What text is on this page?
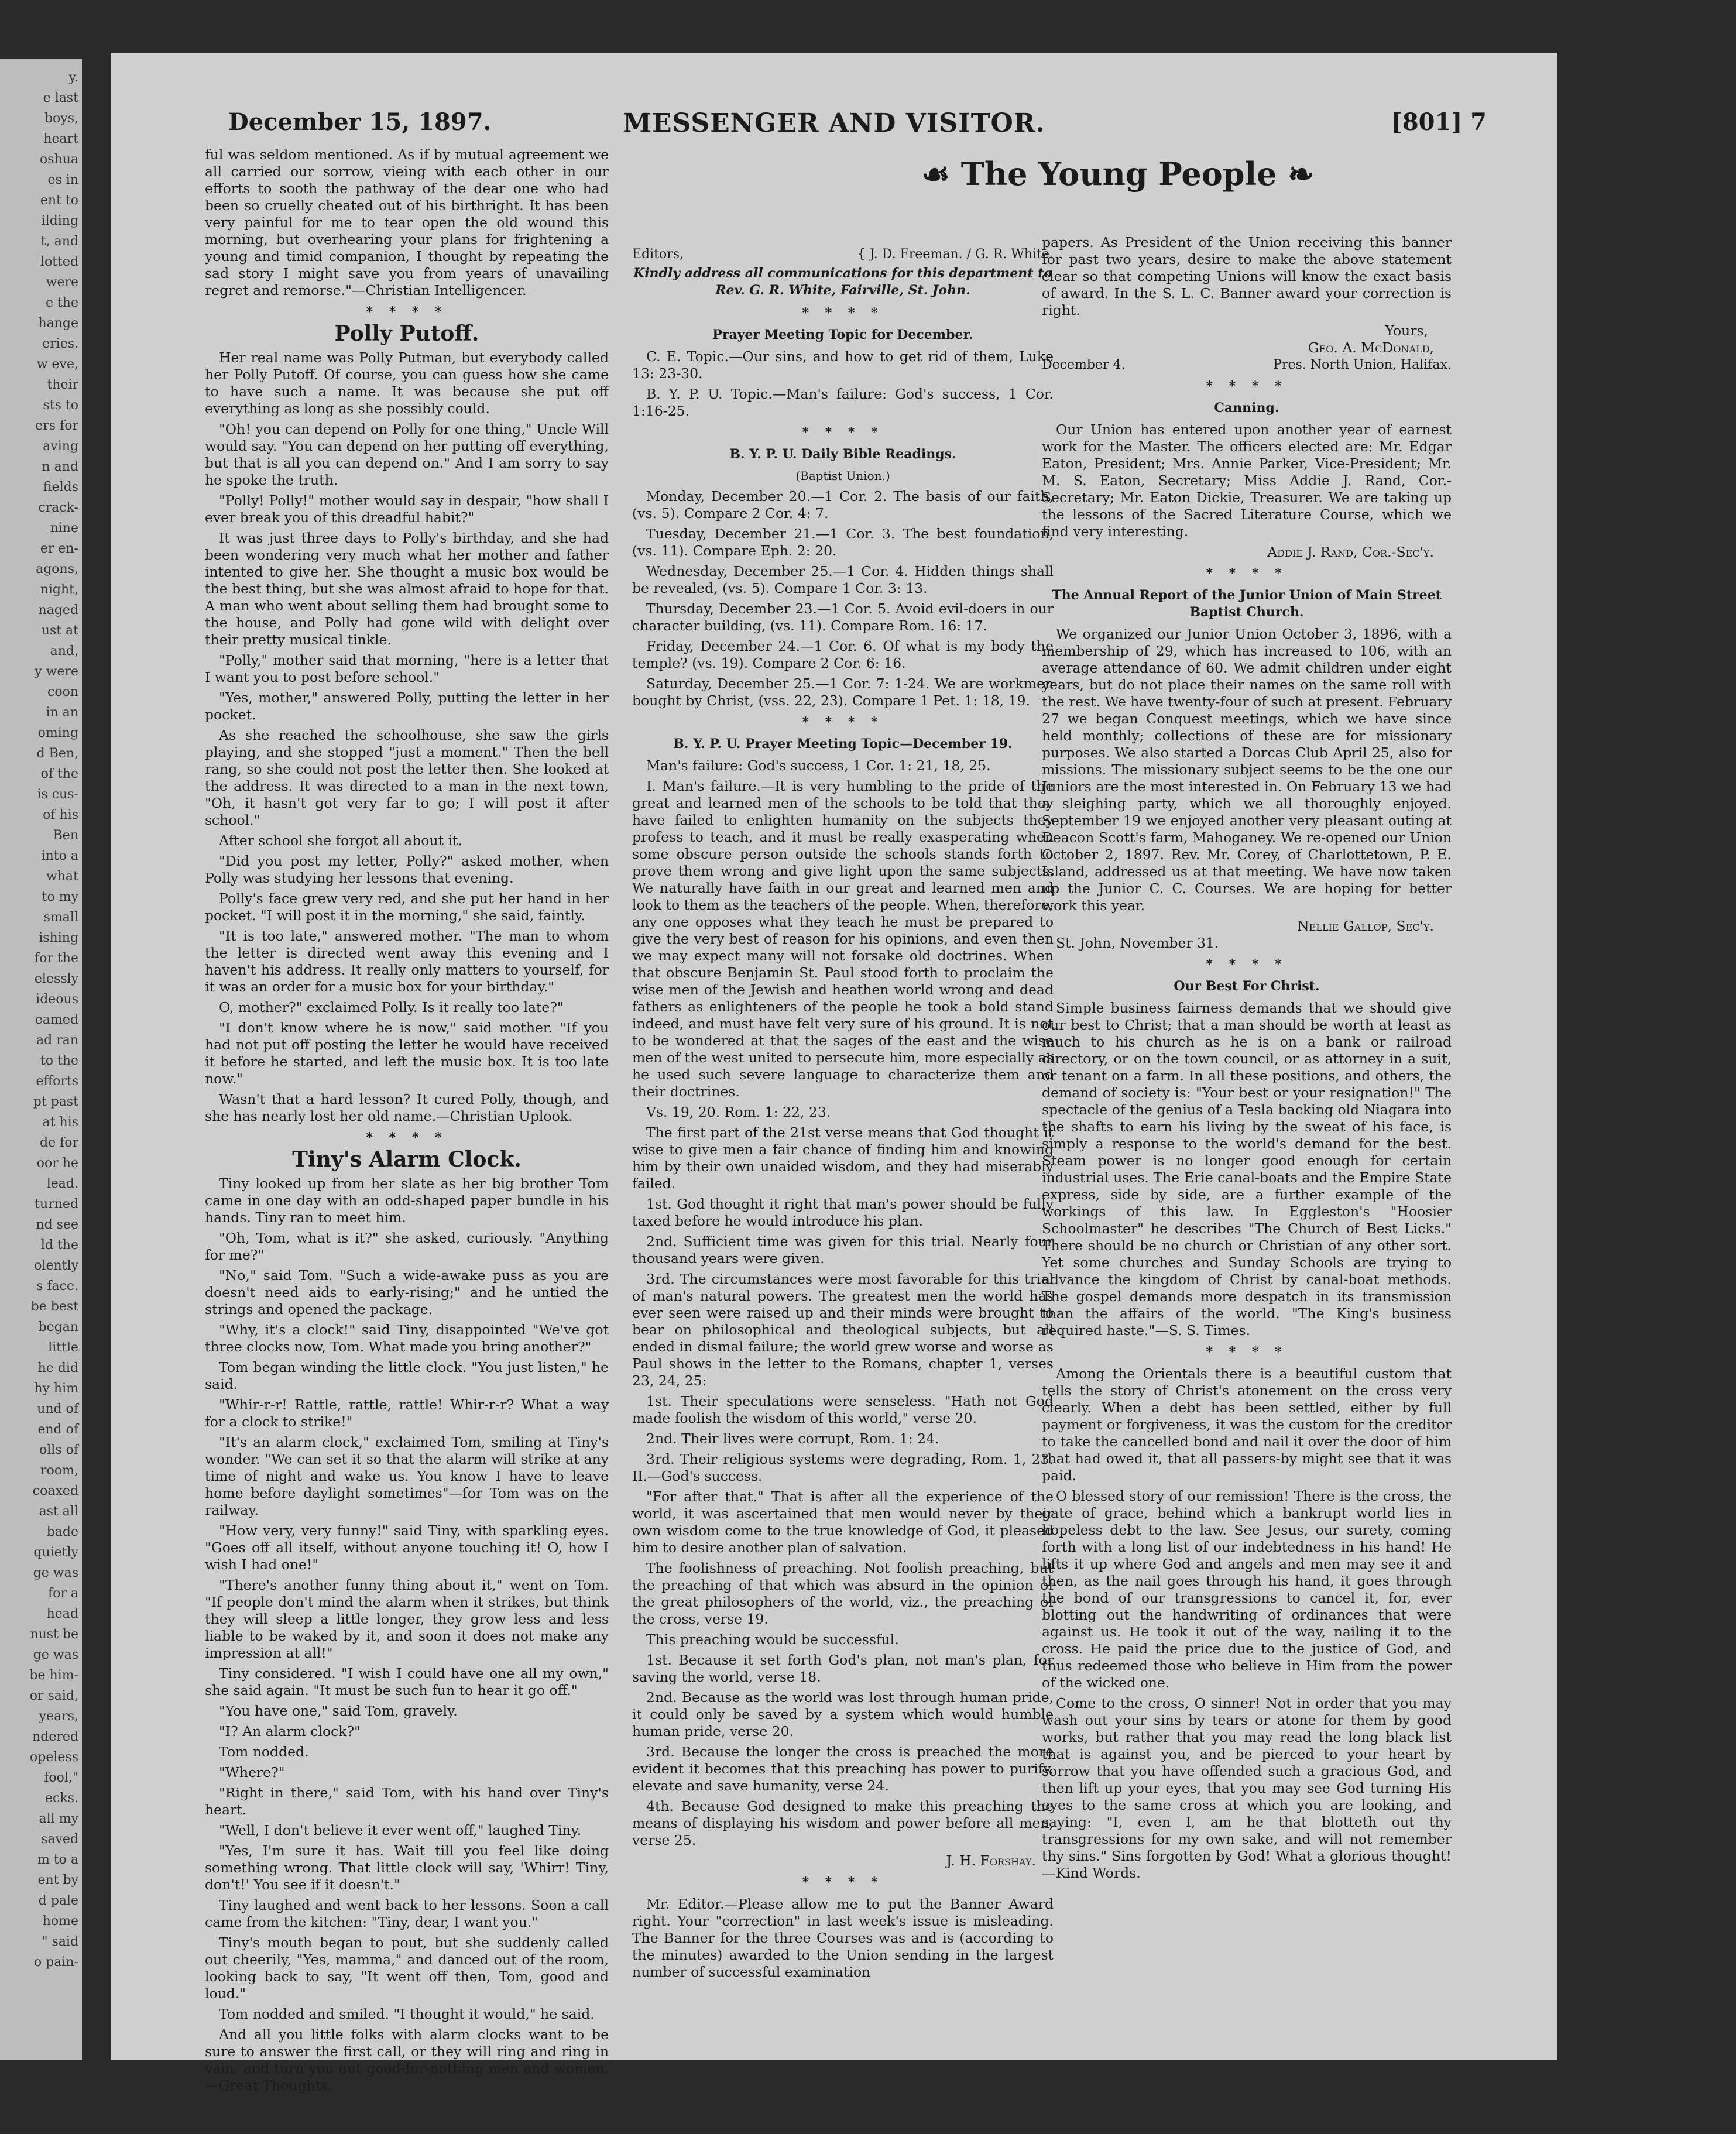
y.
e last
boys,
heart
oshua
es in
ent to
ilding
t, and
lotted
were
e the
hange
eries.
w eve,
their
sts to
ers for
aving
n and
fields
crack-
nine
er en-
agons,
night,
naged
ust at
and,
y were
coon
in an
oming
d Ben,
of the
is cus-
of his
Ben
into a
what
to my
small
ishing
for the
elessly
ideous
eamed
ad ran
to the
efforts
pt past
at his
de for
oor he
lead.
turned
nd see
ld the
olently
s face.
be best
began
little
he did
hy him
und of
end of
olls of
room,
coaxed
ast all
bade
quietly
ge was
for a
head
nust be
ge was
be him-
or said,
years,
ndered
opeless
fool,"
ecks.
all my
saved
m to a
ent by
d pale
home
" said
o pain-
December 15, 1897.	MESSENGER AND VISITOR.	[801] 7
☙ The Young People ❧

ful was seldom mentioned. As if by mutual agreement we all carried our sorrow, vieing with each other in our efforts to sooth the pathway of the dear one who had been so cruelly cheated out of his birthright. It has been very painful for me to tear open the old wound this morning, but overhearing your plans for frightening a young and timid companion, I thought by repeating the sad story I might save you from years of unavailing regret and remorse."—Christian Intelligencer.

* * * *
Polly Putoff.

Her real name was Polly Putman, but everybody called her Polly Putoff. Of course, you can guess how she came to have such a name. It was because she put off everything as long as she possibly could.

"Oh! you can depend on Polly for one thing," Uncle Will would say. "You can depend on her putting off everything, but that is all you can depend on." And I am sorry to say he spoke the truth.

"Polly! Polly!" mother would say in despair, "how shall I ever break you of this dreadful habit?"

It was just three days to Polly's birthday, and she had been wondering very much what her mother and father intented to give her. She thought a music box would be the best thing, but she was almost afraid to hope for that. A man who went about selling them had brought some to the house, and Polly had gone wild with delight over their pretty musical tinkle.

"Polly," mother said that morning, "here is a letter that I want you to post before school."

"Yes, mother," answered Polly, putting the letter in her pocket.

As she reached the schoolhouse, she saw the girls playing, and she stopped "just a moment." Then the bell rang, so she could not post the letter then. She looked at the address. It was directed to a man in the next town, "Oh, it hasn't got very far to go; I will post it after school."

After school she forgot all about it.

"Did you post my letter, Polly?" asked mother, when Polly was studying her lessons that evening.

Polly's face grew very red, and she put her hand in her pocket. "I will post it in the morning," she said, faintly.

"It is too late," answered mother. "The man to whom the letter is directed went away this evening and I haven't his address. It really only matters to yourself, for it was an order for a music box for your birthday."

O, mother?" exclaimed Polly. Is it really too late?"

"I don't know where he is now," said mother. "If you had not put off posting the letter he would have received it before he started, and left the music box. It is too late now."

Wasn't that a hard lesson? It cured Polly, though, and she has nearly lost her old name.—Christian Uplook.

* * * *
Tiny's Alarm Clock.

Tiny looked up from her slate as her big brother Tom came in one day with an odd-shaped paper bundle in his hands. Tiny ran to meet him.

"Oh, Tom, what is it?" she asked, curiously. "Anything for me?"

"No," said Tom. "Such a wide-awake puss as you are doesn't need aids to early-rising;" and he untied the strings and opened the package.

"Why, it's a clock!" said Tiny, disappointed "We've got three clocks now, Tom. What made you bring another?"

Tom began winding the little clock. "You just listen," he said.

"Whir-r-r! Rattle, rattle, rattle! Whir-r-r? What a way for a clock to strike!"

"It's an alarm clock," exclaimed Tom, smiling at Tiny's wonder. "We can set it so that the alarm will strike at any time of night and wake us. You know I have to leave home before daylight sometimes"—for Tom was on the railway.

"How very, very funny!" said Tiny, with sparkling eyes. "Goes off all itself, without anyone touching it! O, how I wish I had one!"

"There's another funny thing about it," went on Tom. "If people don't mind the alarm when it strikes, but think they will sleep a little longer, they grow less and less liable to be waked by it, and soon it does not make any impression at all!"

Tiny considered. "I wish I could have one all my own," she said again. "It must be such fun to hear it go off."

"You have one," said Tom, gravely.

"I? An alarm clock?"

Tom nodded.

"Where?"

"Right in there," said Tom, with his hand over Tiny's heart.

"Well, I don't believe it ever went off," laughed Tiny.

"Yes, I'm sure it has. Wait till you feel like doing something wrong. That little clock will say, 'Whirr! Tiny, don't!' You see if it doesn't."

Tiny laughed and went back to her lessons. Soon a call came from the kitchen: "Tiny, dear, I want you."

Tiny's mouth began to pout, but she suddenly called out cheerily, "Yes, mamma," and danced out of the room, looking back to say, "It went off then, Tom, good and loud."

Tom nodded and smiled. "I thought it would," he said.

And all you little folks with alarm clocks want to be sure to answer the first call, or they will ring and ring in vain, and turn you out good-for-nothing men and women.—Great Thoughts.

Editors,	{ J. D. Freeman. / G. R. White.
Kindly address all communications for this department to Rev. G. R. White, Fairville, St. John.
* * * *
Prayer Meeting Topic for December.

C. E. Topic.—Our sins, and how to get rid of them, Luke 13: 23-30.

B. Y. P. U. Topic.—Man's failure: God's success, 1 Cor. 1:16-25.

* * * *
B. Y. P. U. Daily Bible Readings.
(Baptist Union.)

Monday, December 20.—1 Cor. 2. The basis of our faith, (vs. 5). Compare 2 Cor. 4: 7.

Tuesday, December 21.—1 Cor. 3. The best foundation, (vs. 11). Compare Eph. 2: 20.

Wednesday, December 25.—1 Cor. 4. Hidden things shall be revealed, (vs. 5). Compare 1 Cor. 3: 13.

Thursday, December 23.—1 Cor. 5. Avoid evil-doers in our character building, (vs. 11). Compare Rom. 16: 17.

Friday, December 24.—1 Cor. 6. Of what is my body the temple? (vs. 19). Compare 2 Cor. 6: 16.

Saturday, December 25.—1 Cor. 7: 1-24. We are workmen bought by Christ, (vss. 22, 23). Compare 1 Pet. 1: 18, 19.

* * * *
B. Y. P. U. Prayer Meeting Topic—December 19.

Man's failure: God's success, 1 Cor. 1: 21, 18, 25.

I. Man's failure.—It is very humbling to the pride of the great and learned men of the schools to be told that they have failed to enlighten humanity on the subjects they profess to teach, and it must be really exasperating when some obscure person outside the schools stands forth to prove them wrong and give light upon the same subjects. We naturally have faith in our great and learned men and look to them as the teachers of the people. When, therefore, any one opposes what they teach he must be prepared to give the very best of reason for his opinions, and even then we may expect many will not forsake old doctrines. When that obscure Benjamin St. Paul stood forth to proclaim the wise men of the Jewish and heathen world wrong and dead fathers as enlighteners of the people he took a bold stand indeed, and must have felt very sure of his ground. It is not to be wondered at that the sages of the east and the wise men of the west united to persecute him, more especially as he used such severe language to characterize them and their doctrines.

Vs. 19, 20. Rom. 1: 22, 23.

The first part of the 21st verse means that God thought it wise to give men a fair chance of finding him and knowing him by their own unaided wisdom, and they had miserably failed.

1st. God thought it right that man's power should be fully taxed before he would introduce his plan.

2nd. Sufficient time was given for this trial. Nearly four thousand years were given.

3rd. The circumstances were most favorable for this trial of man's natural powers. The greatest men the world has ever seen were raised up and their minds were brought to bear on philosophical and theological subjects, but all ended in dismal failure; the world grew worse and worse as Paul shows in the letter to the Romans, chapter 1, verses 23, 24, 25:

1st. Their speculations were senseless. "Hath not God made foolish the wisdom of this world," verse 20.

2nd. Their lives were corrupt, Rom. 1: 24.

3rd. Their religious systems were degrading, Rom. 1, 23. II.—God's success.

"For after that." That is after all the experience of the world, it was ascertained that men would never by their own wisdom come to the true knowledge of God, it pleased him to desire another plan of salvation.

The foolishness of preaching. Not foolish preaching, but the preaching of that which was absurd in the opinion of the great philosophers of the world, viz., the preaching of the cross, verse 19.

This preaching would be successful.

1st. Because it set forth God's plan, not man's plan, for saving the world, verse 18.

2nd. Because as the world was lost through human pride, it could only be saved by a system which would humble human pride, verse 20.

3rd. Because the longer the cross is preached the more evident it becomes that this preaching has power to purify, elevate and save humanity, verse 24.

4th. Because God designed to make this preaching the means of displaying his wisdom and power before all men, verse 25.

J. H. Forshay.
* * * *

Mr. Editor.—Please allow me to put the Banner Award right. Your "correction" in last week's issue is misleading. The Banner for the three Courses was and is (according to the minutes) awarded to the Union sending in the largest number of successful examination

papers. As President of the Union receiving this banner for past two years, desire to make the above statement clear so that competing Unions will know the exact basis of award. In the S. L. C. Banner award your correction is right.

Yours,
Geo. A. McDonald,
December 4.	Pres. North Union, Halifax.
* * * *
Canning.

Our Union has entered upon another year of earnest work for the Master. The officers elected are: Mr. Edgar Eaton, President; Mrs. Annie Parker, Vice-President; Mr. M. S. Eaton, Secretary; Miss Addie J. Rand, Cor.-Secretary; Mr. Eaton Dickie, Treasurer. We are taking up the lessons of the Sacred Literature Course, which we find very interesting.

Addie J. Rand, Cor.-Sec'y.
* * * *
The Annual Report of the Junior Union of Main Street Baptist Church.

We organized our Junior Union October 3, 1896, with a membership of 29, which has increased to 106, with an average attendance of 60. We admit children under eight years, but do not place their names on the same roll with the rest. We have twenty-four of such at present. February 27 we began Conquest meetings, which we have since held monthly; collections of these are for missionary purposes. We also started a Dorcas Club April 25, also for missions. The missionary subject seems to be the one our Juniors are the most interested in. On February 13 we had a sleighing party, which we all thoroughly enjoyed. September 19 we enjoyed another very pleasant outing at Deacon Scott's farm, Mahoganey. We re-opened our Union October 2, 1897. Rev. Mr. Corey, of Charlottetown, P. E. Island, addressed us at that meeting. We have now taken up the Junior C. C. Courses. We are hoping for better work this year.

Nellie Gallop, Sec'y.

St. John, November 31.

* * * *
Our Best For Christ.

Simple business fairness demands that we should give our best to Christ; that a man should be worth at least as much to his church as he is on a bank or railroad directory, or on the town council, or as attorney in a suit, or tenant on a farm. In all these positions, and others, the demand of society is: "Your best or your resignation!" The spectacle of the genius of a Tesla backing old Niagara into the shafts to earn his living by the sweat of his face, is simply a response to the world's demand for the best. Steam power is no longer good enough for certain industrial uses. The Erie canal-boats and the Empire State express, side by side, are a further example of the workings of this law. In Eggleston's "Hoosier Schoolmaster" he describes "The Church of Best Licks." There should be no church or Christian of any other sort. Yet some churches and Sunday Schools are trying to advance the kingdom of Christ by canal-boat methods. The gospel demands more despatch in its transmission than the affairs of the world. "The King's business required haste."—S. S. Times.

* * * *

Among the Orientals there is a beautiful custom that tells the story of Christ's atonement on the cross very clearly. When a debt has been settled, either by full payment or forgiveness, it was the custom for the creditor to take the cancelled bond and nail it over the door of him that had owed it, that all passers-by might see that it was paid.

O blessed story of our remission! There is the cross, the gate of grace, behind which a bankrupt world lies in hopeless debt to the law. See Jesus, our surety, coming forth with a long list of our indebtedness in his hand! He lifts it up where God and angels and men may see it and then, as the nail goes through his hand, it goes through the bond of our transgressions to cancel it, for, ever blotting out the handwriting of ordinances that were against us. He took it out of the way, nailing it to the cross. He paid the price due to the justice of God, and thus redeemed those who believe in Him from the power of the wicked one.

Come to the cross, O sinner! Not in order that you may wash out your sins by tears or atone for them by good works, but rather that you may read the long black list that is against you, and be pierced to your heart by sorrow that you have offended such a gracious God, and then lift up your eyes, that you may see God turning His eyes to the same cross at which you are looking, and saying: "I, even I, am he that blotteth out thy transgressions for my own sake, and will not remember thy sins." Sins forgotten by God! What a glorious thought!—Kind Words.
